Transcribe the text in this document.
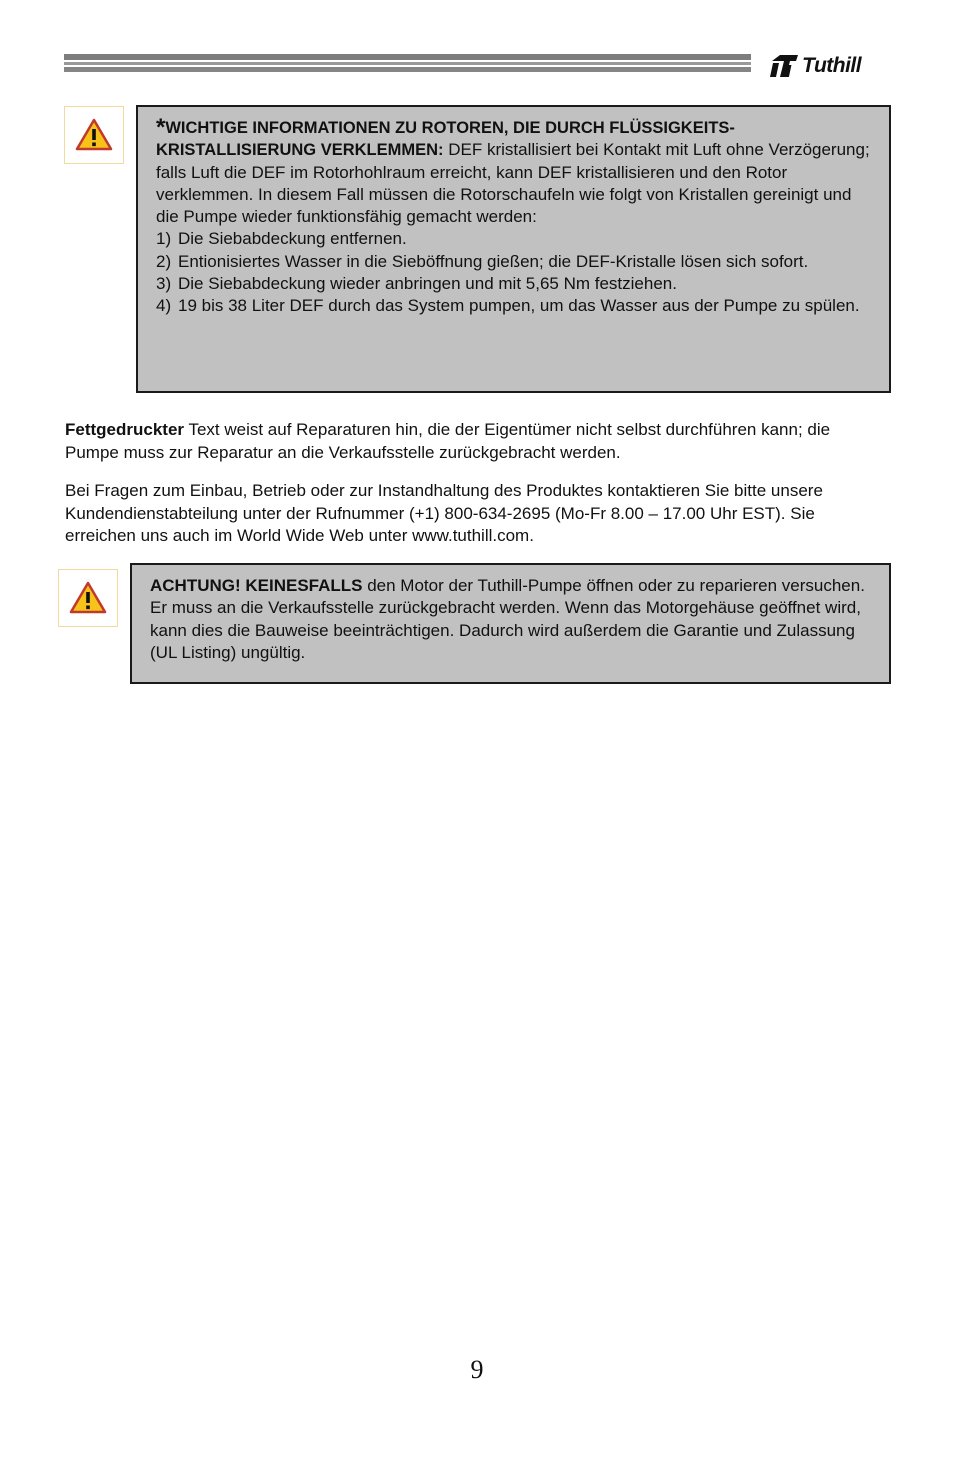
Tuthill
*WICHTIGE INFORMATIONEN ZU ROTOREN, DIE DURCH FLÜSSIGKEITS-
KRISTALLISIERUNG VERKLEMMEN: DEF kristallisiert bei Kontakt mit Luft ohne Verzögerung; falls Luft die DEF im Rotorhohlraum erreicht, kann DEF kristallisieren und den Rotor verklemmen. In diesem Fall müssen die Rotorschaufeln wie folgt von Kristallen gereinigt und die Pumpe wieder funktionsfähig gemacht werden:
1) Die Siebabdeckung entfernen.
2) Entionisiertes Wasser in die Sieböffnung gießen; die DEF-Kristalle lösen sich sofort.
3) Die Siebabdeckung wieder anbringen und mit 5,65 Nm festziehen.
4) 19 bis 38 Liter DEF durch das System pumpen, um das Wasser aus der Pumpe zu spülen.

Fettgedruckter Text weist auf Reparaturen hin, die der Eigentümer nicht selbst durchführen kann; die Pumpe muss zur Reparatur an die Verkaufsstelle zurückgebracht werden.

Bei Fragen zum Einbau, Betrieb oder zur Instandhaltung des Produktes kontaktieren Sie bitte unsere Kundendienstabteilung unter der Rufnummer (+1) 800-634-2695 (Mo-Fr 8.00 – 17.00 Uhr EST). Sie erreichen uns auch im World Wide Web unter www.tuthill.com.

ACHTUNG! KEINESFALLS den Motor der Tuthill-Pumpe öffnen oder zu reparieren versuchen. Er muss an die Verkaufsstelle zurückgebracht werden. Wenn das Motorgehäuse geöffnet wird, kann dies die Bauweise beeinträchtigen. Dadurch wird außerdem die Garantie und Zulassung (UL Listing) ungültig.
9
